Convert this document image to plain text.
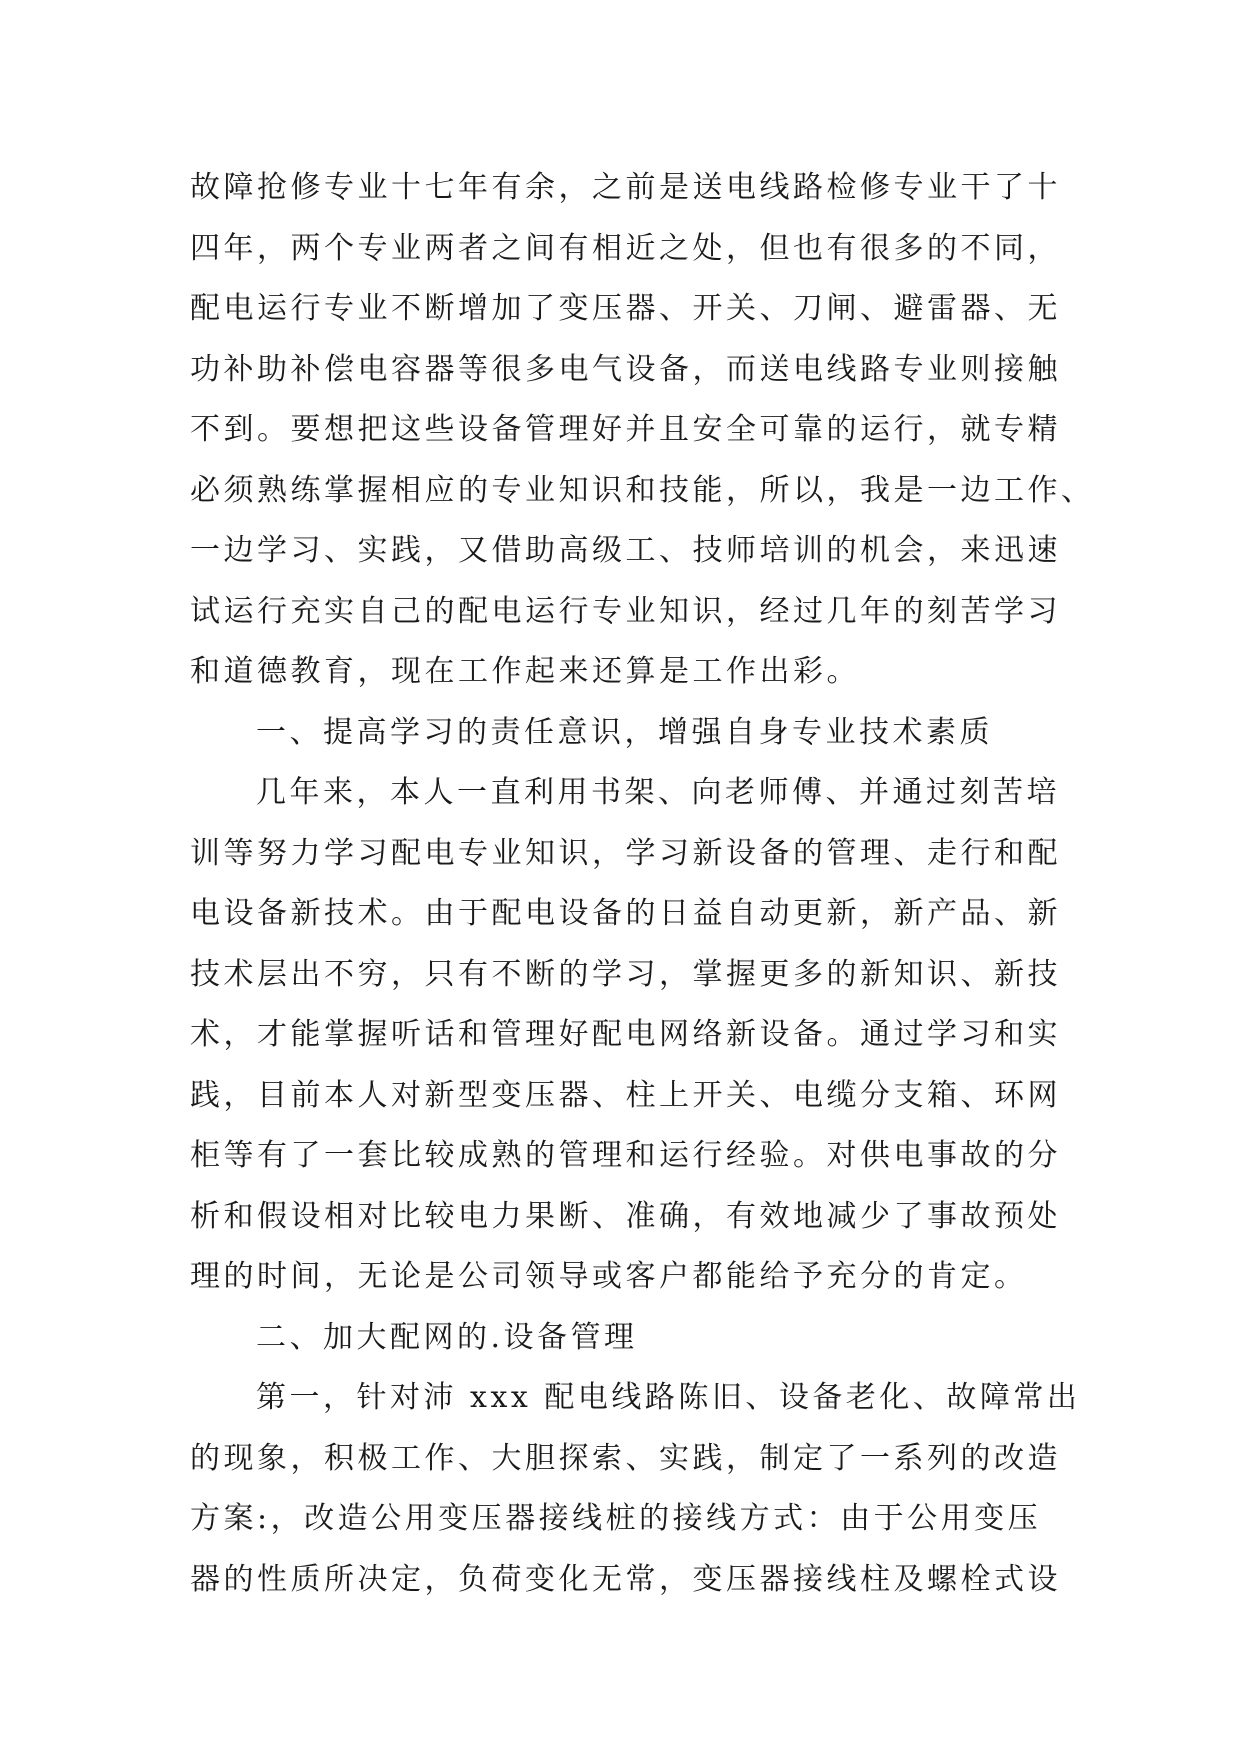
故障抢修专业十七年有余，之前是送电线路检修专业干了十
四年，两个专业两者之间有相近之处，但也有很多的不同，
配电运行专业不断增加了变压器、开关、刀闸、避雷器、无
功补助补偿电容器等很多电气设备，而送电线路专业则接触
不到。要想把这些设备管理好并且安全可靠的运行，就专精
必须熟练掌握相应的专业知识和技能，所以，我是一边工作、
一边学习、实践，又借助高级工、技师培训的机会，来迅速
试运行充实自己的配电运行专业知识，经过几年的刻苦学习
和道德教育，现在工作起来还算是工作出彩。
一、提高学习的责任意识，增强自身专业技术素质
几年来，本人一直利用书架、向老师傅、并通过刻苦培
训等努力学习配电专业知识，学习新设备的管理、走行和配
电设备新技术。由于配电设备的日益自动更新，新产品、新
技术层出不穷，只有不断的学习，掌握更多的新知识、新技
术，才能掌握听话和管理好配电网络新设备。通过学习和实
践，目前本人对新型变压器、柱上开关、电缆分支箱、环网
柜等有了一套比较成熟的管理和运行经验。对供电事故的分
析和假设相对比较电力果断、准确，有效地减少了事故预处
理的时间，无论是公司领导或客户都能给予充分的肯定。
二、加大配网的.设备管理
第一，针对沛 xxx 配电线路陈旧、设备老化、故障常出
的现象，积极工作、大胆探索、实践，制定了一系列的改造
方案:，改造公用变压器接线桩的接线方式：由于公用变压
器的性质所决定，负荷变化无常，变压器接线柱及螺栓式设
